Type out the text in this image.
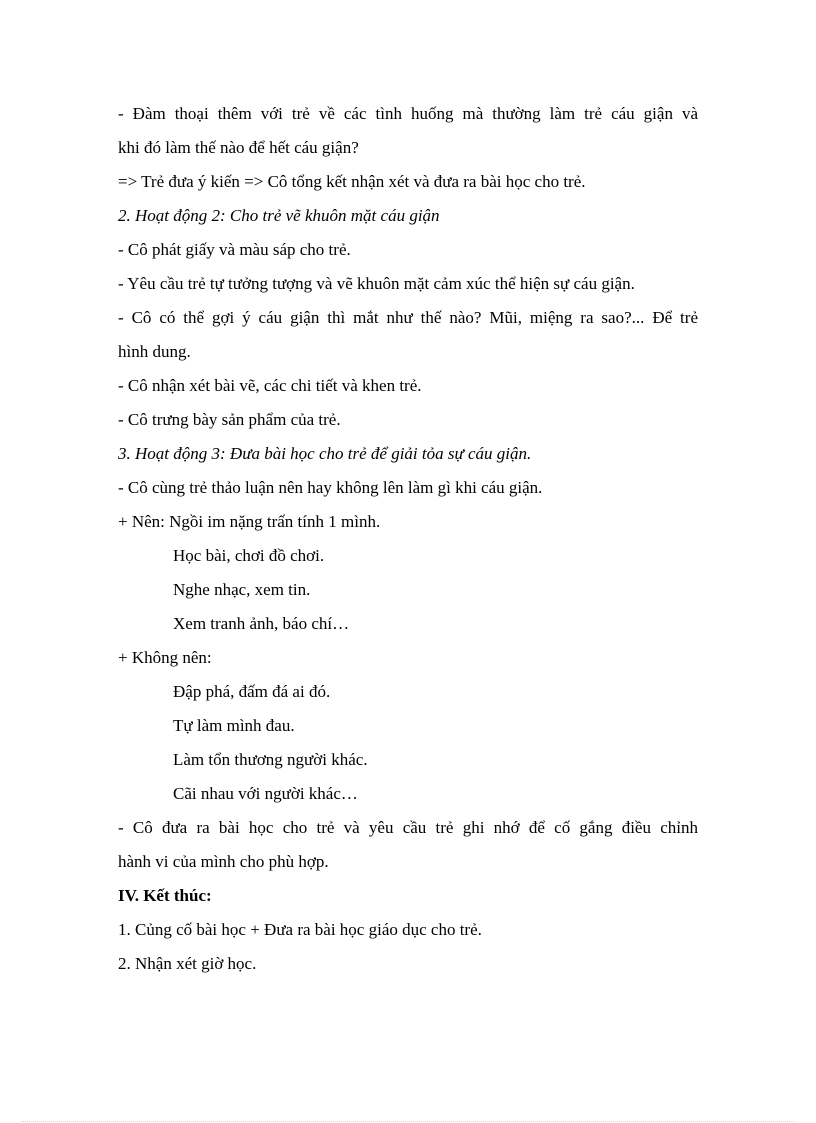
- Đàm thoại thêm với trẻ về các tình huống mà thường làm trẻ cáu giận và

khi đó làm thế nào để hết cáu giận?

=> Trẻ đưa ý kiến => Cô tổng kết nhận xét và đưa ra bài học cho trẻ.

2. Hoạt động 2: Cho trẻ vẽ khuôn mặt cáu giận

- Cô phát giấy và màu sáp cho trẻ.

- Yêu cầu trẻ tự tưởng tượng và vẽ khuôn mặt cảm xúc thể hiện sự cáu giận.

- Cô có thể gợi ý cáu giận thì mắt như thế nào? Mũi, miệng ra sao?... Để trẻ

hình dung.

- Cô nhận xét bài vẽ, các chi tiết và khen trẻ.

- Cô trưng bày sản phẩm của trẻ.

3. Hoạt động 3: Đưa bài học cho trẻ để giải tỏa sự cáu giận.

- Cô cùng trẻ thảo luận nên hay không lên làm gì khi cáu giận.

+ Nên: Ngồi im nặng trấn tính 1 mình.

Học bài, chơi đồ chơi.

Nghe nhạc, xem tin.

Xem tranh ảnh, báo chí…

+ Không nên:

Đập phá, đấm đá ai đó.

Tự làm mình đau.

Làm tổn thương người khác.

Cãi nhau với người khác…

- Cô đưa ra bài học cho trẻ và yêu cầu trẻ ghi nhớ để cố gắng điều chỉnh

hành vi của mình cho phù hợp.

IV. Kết thúc:

1. Củng cố bài học + Đưa ra bài học giáo dục cho trẻ.

2. Nhận xét giờ học.
